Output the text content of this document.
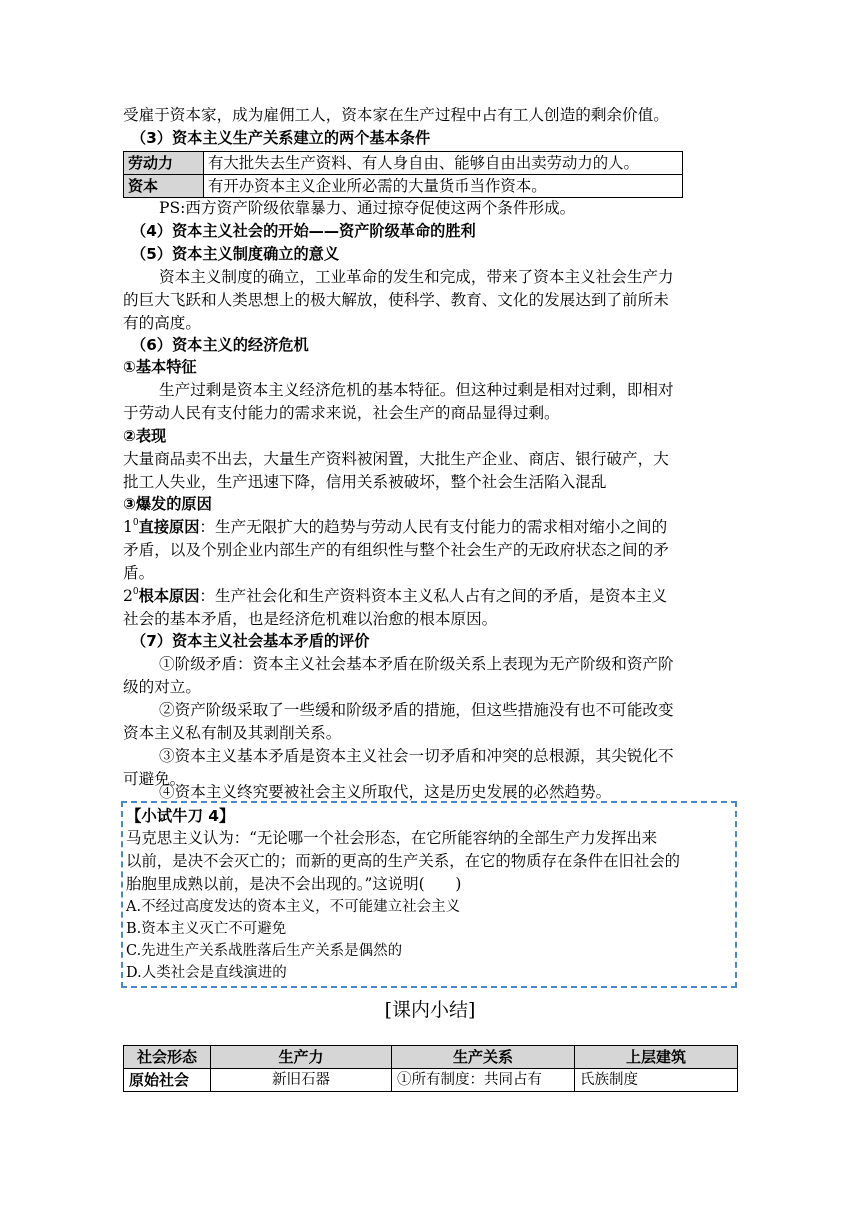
受雇于资本家，成为雇佣工人，资本家在生产过程中占有工人创造的剩余价值。
（3）资本主义生产关系建立的两个基本条件
劳动力	有大批失去生产资料、有人身自由、能够自由出卖劳动力的人。
资本	有开办资本主义企业所必需的大量货币当作资本。
PS:西方资产阶级依靠暴力、通过掠夺促使这两个条件形成。
（4）资本主义社会的开始——资产阶级革命的胜利
（5）资本主义制度确立的意义
资本主义制度的确立，工业革命的发生和完成，带来了资本主义社会生产力
的巨大飞跃和人类思想上的极大解放，使科学、教育、文化的发展达到了前所未
有的高度。
（6）资本主义的经济危机
①基本特征
生产过剩是资本主义经济危机的基本特征。但这种过剩是相对过剩，即相对
于劳动人民有支付能力的需求来说，社会生产的商品显得过剩。
②表现
大量商品卖不出去，大量生产资料被闲置，大批生产企业、商店、银行破产，大
批工人失业，生产迅速下降，信用关系被破坏，整个社会生活陷入混乱
③爆发的原因
$1^0$直接原因：生产无限扩大的趋势与劳动人民有支付能力的需求相对缩小之间的
矛盾，以及个别企业内部生产的有组织性与整个社会生产的无政府状态之间的矛
盾。
$2^0$根本原因：生产社会化和生产资料资本主义私人占有之间的矛盾，是资本主义
社会的基本矛盾，也是经济危机难以治愈的根本原因。
（7）资本主义社会基本矛盾的评价
①阶级矛盾：资本主义社会基本矛盾在阶级关系上表现为无产阶级和资产阶
级的对立。
②资产阶级采取了一些缓和阶级矛盾的措施，但这些措施没有也不可能改变
资本主义私有制及其剥削关系。
③资本主义基本矛盾是资本主义社会一切矛盾和冲突的总根源，其尖锐化不
可避免。
④资本主义终究要被社会主义所取代，这是历史发展的必然趋势。
【小试牛刀 4】
马克思主义认为：“无论哪一个社会形态，在它所能容纳的全部生产力发挥出来
以前，是决不会灭亡的；而新的更高的生产关系，在它的物质存在条件在旧社会的
胎胞里成熟以前，是决不会出现的。”这说明(　　)
A.不经过高度发达的资本主义，不可能建立社会主义
B.资本主义灭亡不可避免
C.先进生产关系战胜落后生产关系是偶然的
D.人类社会是直线演进的
[课内小结]
社会形态	生产力	生产关系	上层建筑
原始社会	新旧石器	①所有制度：共同占有	氏族制度
